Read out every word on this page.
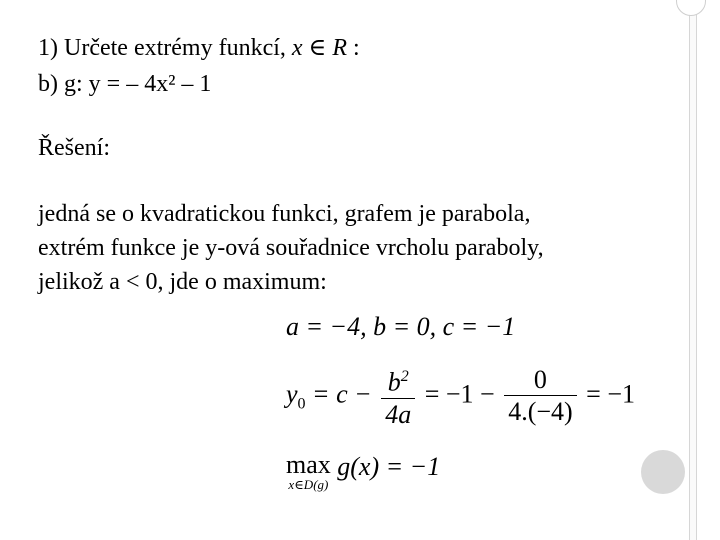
1) Určete extrémy funkcí, x ∈ R :
b) g: y = – 4x² – 1
Řešení:
jedná se o kvadratickou funkci, grafem je parabola,
extrém funkce je y-ová souřadnice vrcholu paraboly,
jelikož a < 0, jde o maximum:
a = −4, b = 0, c = −1
$y_0 = c - \frac{b^2}{4a} = -1 - \frac{0}{4.(-4)} = -1$
max
x∈D(g)
g(x) = −1
